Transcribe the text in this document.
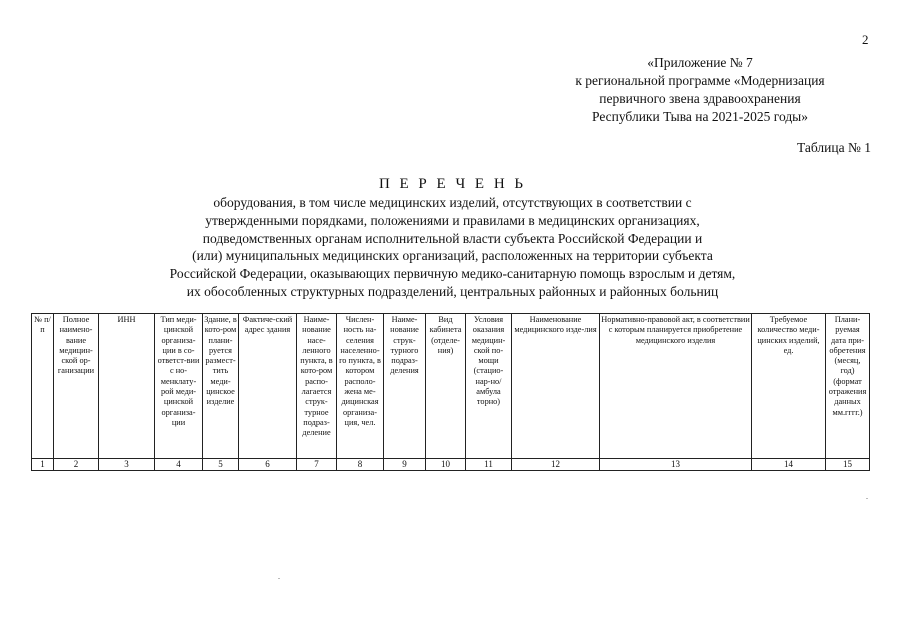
2
«Приложение № 7
к региональной программе «Модернизация
первичного звена здравоохранения
Республики Тыва на 2021-2025 годы»
Таблица № 1
П Е Р Е Ч Е Н Ь
оборудования, в том числе медицинских изделий, отсутствующих в соответствии с
утвержденными порядками, положениями и правилами в медицинских организациях,
подведомственных органам исполнительной власти субъекта Российской Федерации и
(или) муниципальных медицинских организаций, расположенных на территории субъекта
Российской Федерации, оказывающих первичную медико-санитарную помощь взрослым и детям,
их обособленных структурных подразделений, центральных районных и районных больниц
№ п/п	Полное наимено-вание медицин-ской ор-ганизации	ИНН	Тип меди-цинской организа-ции в со-ответст-вии с но-менклату-рой меди-цинской организа-ции	Здание, в кото-ром плани-руется размест-тить меди-цинское изделие	Фактиче-ский адрес здания	Наиме-нование насе-ленного пункта, в кото-ром распо-лагается струк-турное подраз-деление	Числен-ность на-селения населенно-го пункта, в котором располо-жена ме-дицинская организа-ция, чел.	Наиме-нование струк-турного подраз-деления	Вид кабинета (отделе-ния)	Условия оказания медицин-ской по-мощи (стацио-нар-но/амбула торно)	Наименование медицинского изде-лия	Нормативно-правовой акт, в соответствии с которым планируется приобретение медицинского изделия	Требуемое количество меди-цинских изделий, ед.	Плани-руемая дата при-обретения (месяц, год) (формат отражения данных мм.гггг.)
1	2	3	4	5	6	7	8	9	10	11	12	13	14	15
